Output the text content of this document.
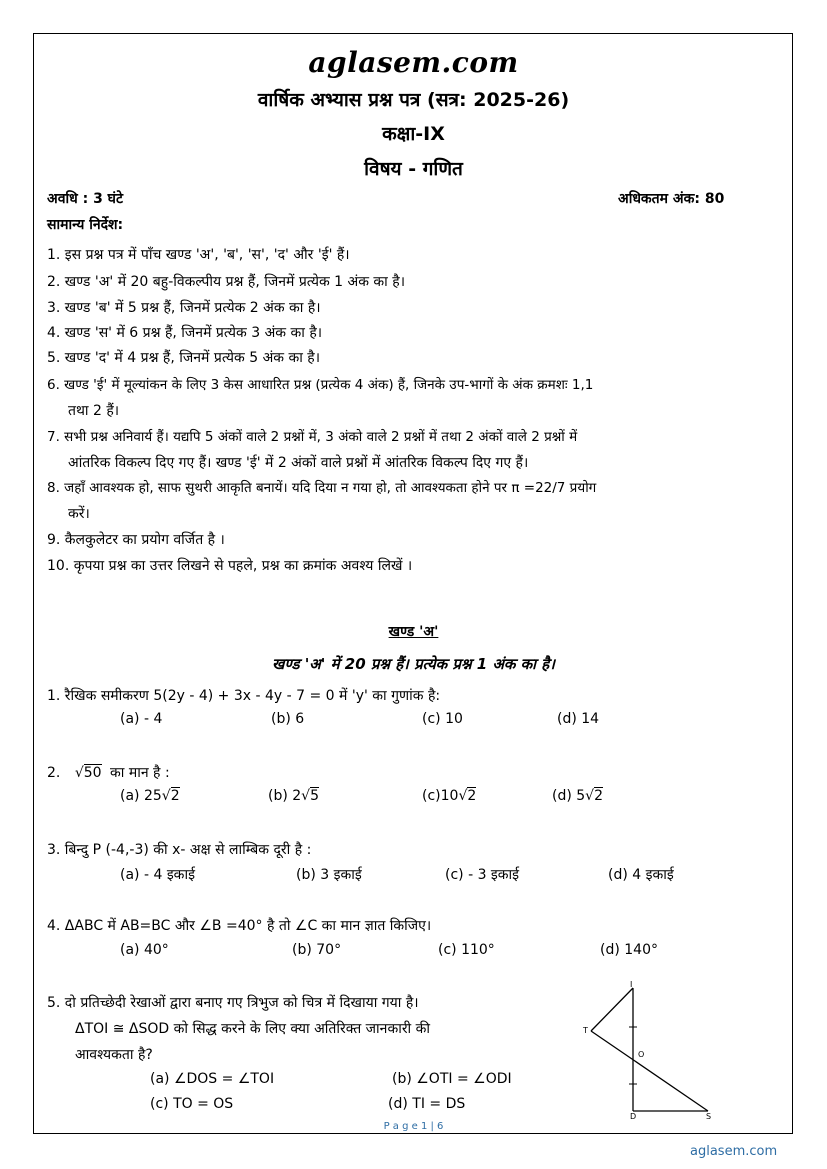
aglasem.com
वार्षिक अभ्यास प्रश्न पत्र (सत्र: 2025-26)
कक्षा-IX
विषय - गणित
अवधि : 3 घंटे	अधिकतम अंक: 80
सामान्य निर्देश:
1. इस प्रश्न पत्र में पाँच खण्ड 'अ', 'ब', 'स', 'द' और 'ई' हैं।
2. खण्ड 'अ' में 20 बहु-विकल्पीय प्रश्न हैं, जिनमें प्रत्येक 1 अंक का है।
3. खण्ड 'ब' में 5 प्रश्न हैं, जिनमें प्रत्येक 2 अंक का है।
4. खण्ड 'स' में 6 प्रश्न हैं, जिनमें प्रत्येक 3 अंक का है।
5. खण्ड 'द' में 4 प्रश्न हैं, जिनमें प्रत्येक 5 अंक का है।
6. खण्ड 'ई' में मूल्यांकन के लिए 3 केस आधारित प्रश्न (प्रत्येक 4 अंक) हैं, जिनके उप-भागों के अंक क्रमशः 1,1
तथा 2 हैं।
7. सभी प्रश्न अनिवार्य हैं। यद्यपि 5 अंकों वाले 2 प्रश्नों में, 3 अंको वाले 2 प्रश्नों में तथा 2 अंकों वाले 2 प्रश्नों में
आंतरिक विकल्प दिए गए हैं। खण्ड 'ई' में 2 अंकों वाले प्रश्नों में आंतरिक विकल्प दिए गए हैं।
8. जहाँ आवश्यक हो, साफ सुथरी आकृति बनायें। यदि दिया न गया हो, तो आवश्यकता होने पर π =22/7 प्रयोग
करें।
9. कैलकुलेटर का प्रयोग वर्जित है ।
10. कृपया प्रश्न का उत्तर लिखने से पहले, प्रश्न का क्रमांक अवश्य लिखें ।
खण्ड 'अ'
खण्ड 'अ' में 20 प्रश्न हैं। प्रत्येक प्रश्न 1 अंक का है।
1. रैखिक समीकरण 5(2y - 4) + 3x - 4y - 7 = 0 में 'y' का गुणांक है:
(a) - 4	(b) 6	(c) 10	(d) 14
2. √50 का मान है :
(a) 25√2	(b) 2√5	(c)10√2	(d) 5√2
3. बिन्दु P (-4,-3) की x- अक्ष से लाम्बिक दूरी है :
(a) - 4 इकाई	(b) 3 इकाई	(c) - 3 इकाई	(d) 4 इकाई
4. ΔABC में AB=BC और ∠B =40° है तो ∠C का मान ज्ञात किजिए।
(a) 40°	(b) 70°	(c) 110°	(d) 140°
5. दो प्रतिच्छेदी रेखाओं द्वारा बनाए गए त्रिभुज को चित्र में दिखाया गया है।
ΔTOI ≅ ΔSOD को सिद्ध करने के लिए क्या अतिरिक्त जानकारी की
आवश्यकता है?
(a) ∠DOS = ∠TOI	(b) ∠OTI = ∠ODI
(c) TO = OS	(d) TI = DS
I
T
O
D	S
P a g e 1 | 6
aglasem.com
